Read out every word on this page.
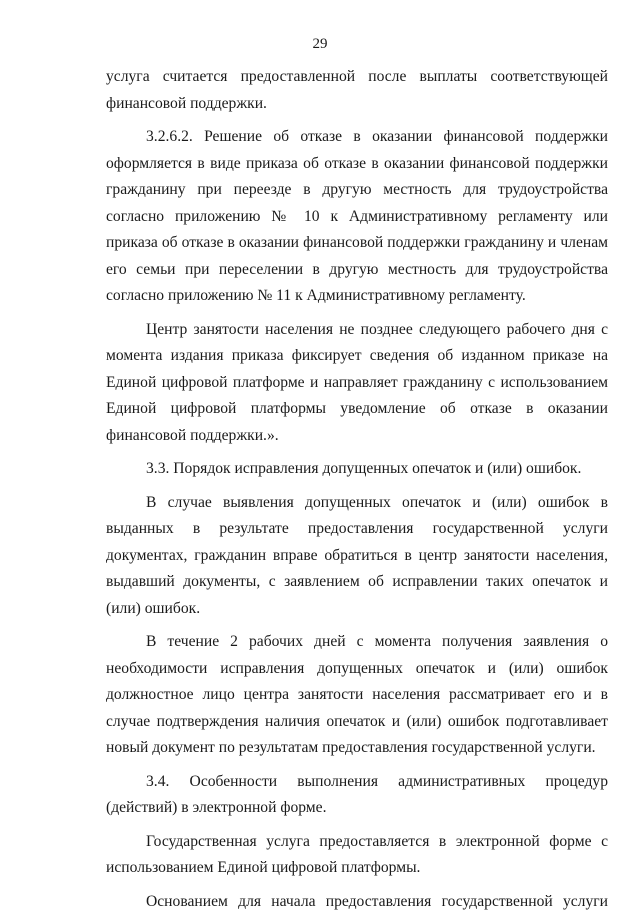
29

услуга считается предоставленной после выплаты соответствующей финансовой поддержки.

3.2.6.2. Решение об отказе в оказании финансовой поддержки оформляется в виде приказа об отказе в оказании финансовой поддержки гражданину при переезде в другую местность для трудоустройства согласно приложению № 10 к Административному регламенту или приказа об отказе в оказании финансовой поддержки гражданину и членам его семьи при переселении в другую местность для трудоустройства согласно приложению № 11 к Административному регламенту.

Центр занятости населения не позднее следующего рабочего дня с момента издания приказа фиксирует сведения об изданном приказе на Единой цифровой платформе и направляет гражданину с использованием Единой цифровой платформы уведомление об отказе в оказании финансовой поддержки.».

3.3. Порядок исправления допущенных опечаток и (или) ошибок.

В случае выявления допущенных опечаток и (или) ошибок в выданных в результате предоставления государственной услуги документах, гражданин вправе обратиться в центр занятости населения, выдавший документы, с заявлением об исправлении таких опечаток и (или) ошибок.

В течение 2 рабочих дней с момента получения заявления о необходимости исправления допущенных опечаток и (или) ошибок должностное лицо центра занятости населения рассматривает его и в случае подтверждения наличия опечаток и (или) ошибок подготавливает новый документ по результатам предоставления государственной услуги.

3.4. Особенности выполнения административных процедур (действий) в электронной форме.

Государственная услуга предоставляется в электронной форме с использованием Единой цифровой платформы.

Основанием для начала предоставления государственной услуги
